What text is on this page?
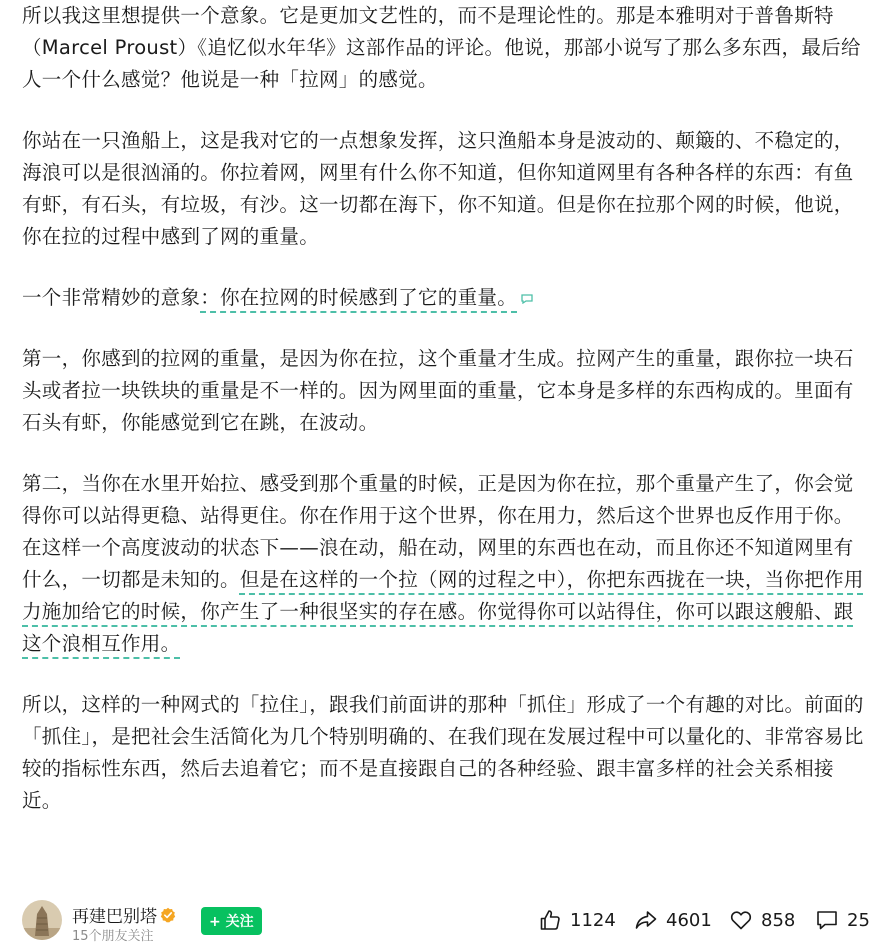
所以我这里想提供一个意象。它是更加文艺性的，而不是理论性的。那是本雅明对于普鲁斯特（Marcel Proust）《追忆似水年华》这部作品的评论。他说，那部小说写了那么多东西，最后给人一个什么感觉？他说是一种「拉网」的感觉。

你站在一只渔船上，这是我对它的一点想象发挥，这只渔船本身是波动的、颠簸的、不稳定的，海浪可以是很汹涌的。你拉着网，网里有什么你不知道，但你知道网里有各种各样的东西：有鱼有虾，有石头，有垃圾，有沙。这一切都在海下，你不知道。但是你在拉那个网的时候，他说，你在拉的过程中感到了网的重量。

一个非常精妙的意象：你在拉网的时候感到了它的重量。

第一，你感到的拉网的重量，是因为你在拉，这个重量才生成。拉网产生的重量，跟你拉一块石头或者拉一块铁块的重量是不一样的。因为网里面的重量，它本身是多样的东西构成的。里面有石头有虾，你能感觉到它在跳，在波动。

第二，当你在水里开始拉、感受到那个重量的时候，正是因为你在拉，那个重量产生了，你会觉得你可以站得更稳、站得更住。你在作用于这个世界，你在用力，然后这个世界也反作用于你。在这样一个高度波动的状态下——浪在动，船在动，网里的东西也在动，而且你还不知道网里有什么，一切都是未知的。但是在这样的一个拉（网的过程之中），你把东西拢在一块，当你把作用力施加给它的时候，你产生了一种很坚实的存在感。你觉得你可以站得住，你可以跟这艘船、跟这个浪相互作用。

所以，这样的一种网式的「拉住」，跟我们前面讲的那种「抓住」形成了一个有趣的对比。前面的「抓住」，是把社会生活简化为几个特别明确的、在我们现在发展过程中可以量化的、非常容易比较的指标性东西，然后去追着它；而不是直接跟自己的各种经验、跟丰富多样的社会关系相接近。

再建巴别塔
15个朋友关注
+ 关注	1124	4601	858	25
